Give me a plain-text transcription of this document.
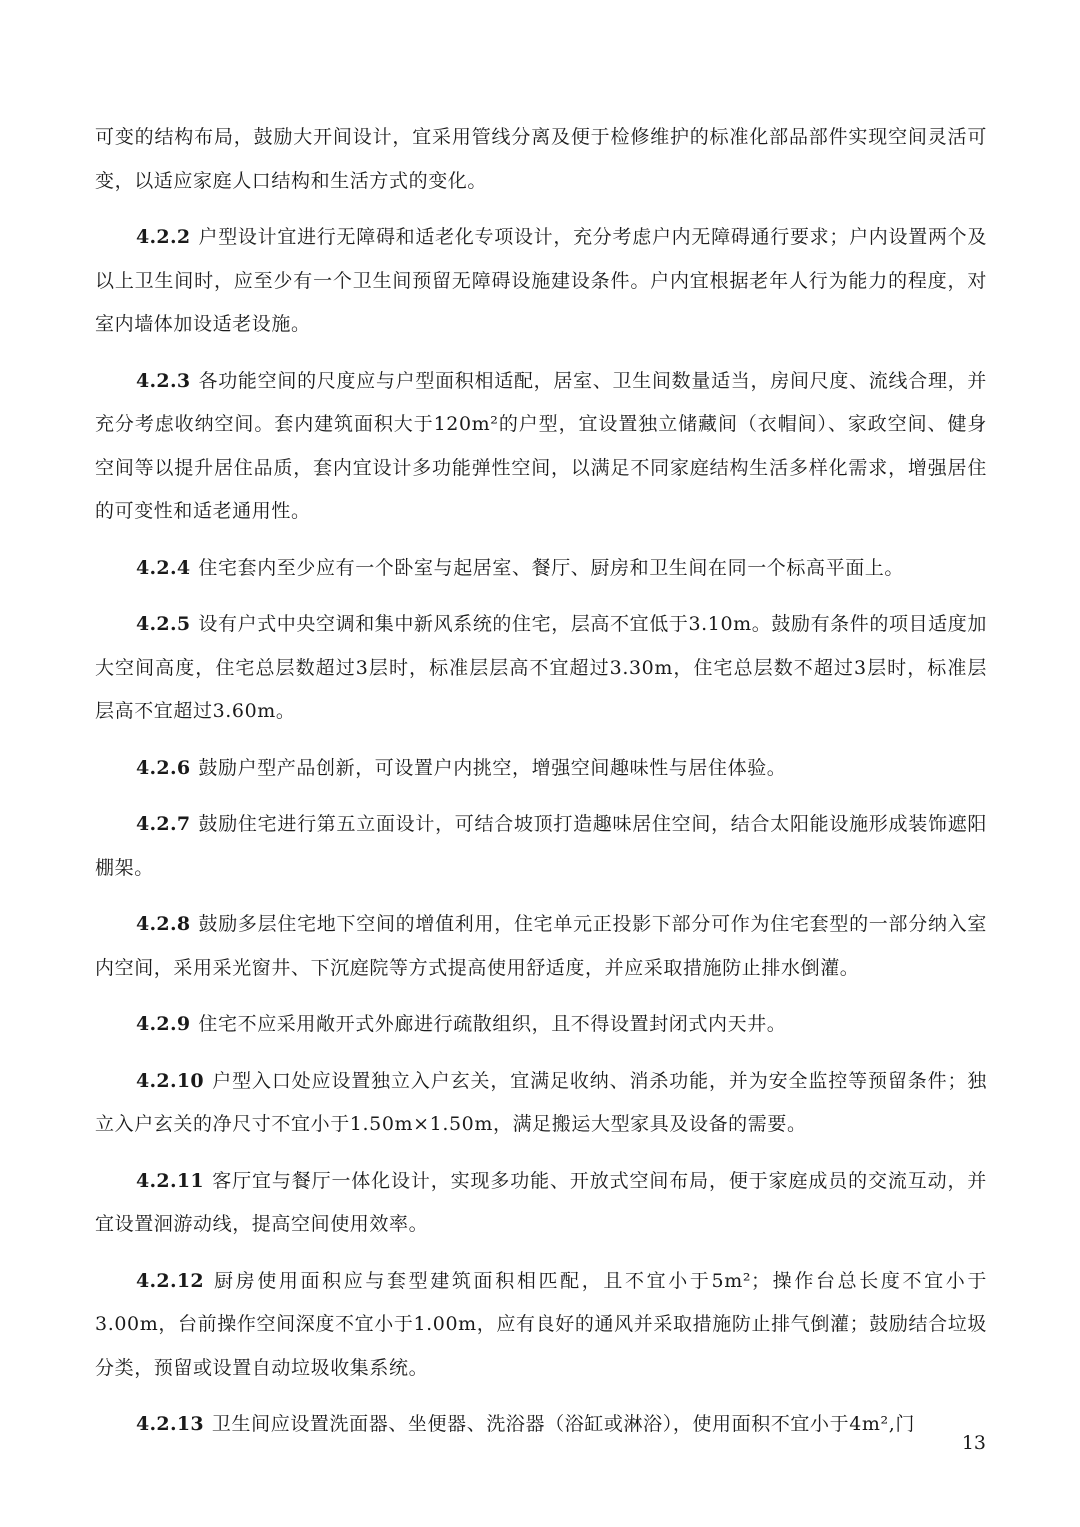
可变的结构布局，鼓励大开间设计，宜采用管线分离及便于检修维护的标准化部品部件实现空间灵活可变，以适应家庭人口结构和生活方式的变化。

4.2.2 户型设计宜进行无障碍和适老化专项设计，充分考虑户内无障碍通行要求；户内设置两个及以上卫生间时，应至少有一个卫生间预留无障碍设施建设条件。户内宜根据老年人行为能力的程度，对室内墙体加设适老设施。

4.2.3 各功能空间的尺度应与户型面积相适配，居室、卫生间数量适当，房间尺度、流线合理，并充分考虑收纳空间。套内建筑面积大于120m²的户型，宜设置独立储藏间（衣帽间）、家政空间、健身空间等以提升居住品质，套内宜设计多功能弹性空间，以满足不同家庭结构生活多样化需求，增强居住的可变性和适老通用性。

4.2.4 住宅套内至少应有一个卧室与起居室、餐厅、厨房和卫生间在同一个标高平面上。

4.2.5 设有户式中央空调和集中新风系统的住宅，层高不宜低于3.10m。鼓励有条件的项目适度加大空间高度，住宅总层数超过3层时，标准层层高不宜超过3.30m，住宅总层数不超过3层时，标准层层高不宜超过3.60m。

4.2.6 鼓励户型产品创新，可设置户内挑空，增强空间趣味性与居住体验。

4.2.7 鼓励住宅进行第五立面设计，可结合坡顶打造趣味居住空间，结合太阳能设施形成装饰遮阳棚架。

4.2.8 鼓励多层住宅地下空间的增值利用，住宅单元正投影下部分可作为住宅套型的一部分纳入室内空间，采用采光窗井、下沉庭院等方式提高使用舒适度，并应采取措施防止排水倒灌。

4.2.9 住宅不应采用敞开式外廊进行疏散组织，且不得设置封闭式内天井。

4.2.10 户型入口处应设置独立入户玄关，宜满足收纳、消杀功能，并为安全监控等预留条件；独立入户玄关的净尺寸不宜小于1.50m×1.50m，满足搬运大型家具及设备的需要。

4.2.11 客厅宜与餐厅一体化设计，实现多功能、开放式空间布局，便于家庭成员的交流互动，并宜设置洄游动线，提高空间使用效率。

4.2.12 厨房使用面积应与套型建筑面积相匹配，且不宜小于5m²；操作台总长度不宜小于3.00m，台前操作空间深度不宜小于1.00m，应有良好的通风并采取措施防止排气倒灌；鼓励结合垃圾分类，预留或设置自动垃圾收集系统。

4.2.13 卫生间应设置洗面器、坐便器、洗浴器（浴缸或淋浴），使用面积不宜小于4m²,门

13
